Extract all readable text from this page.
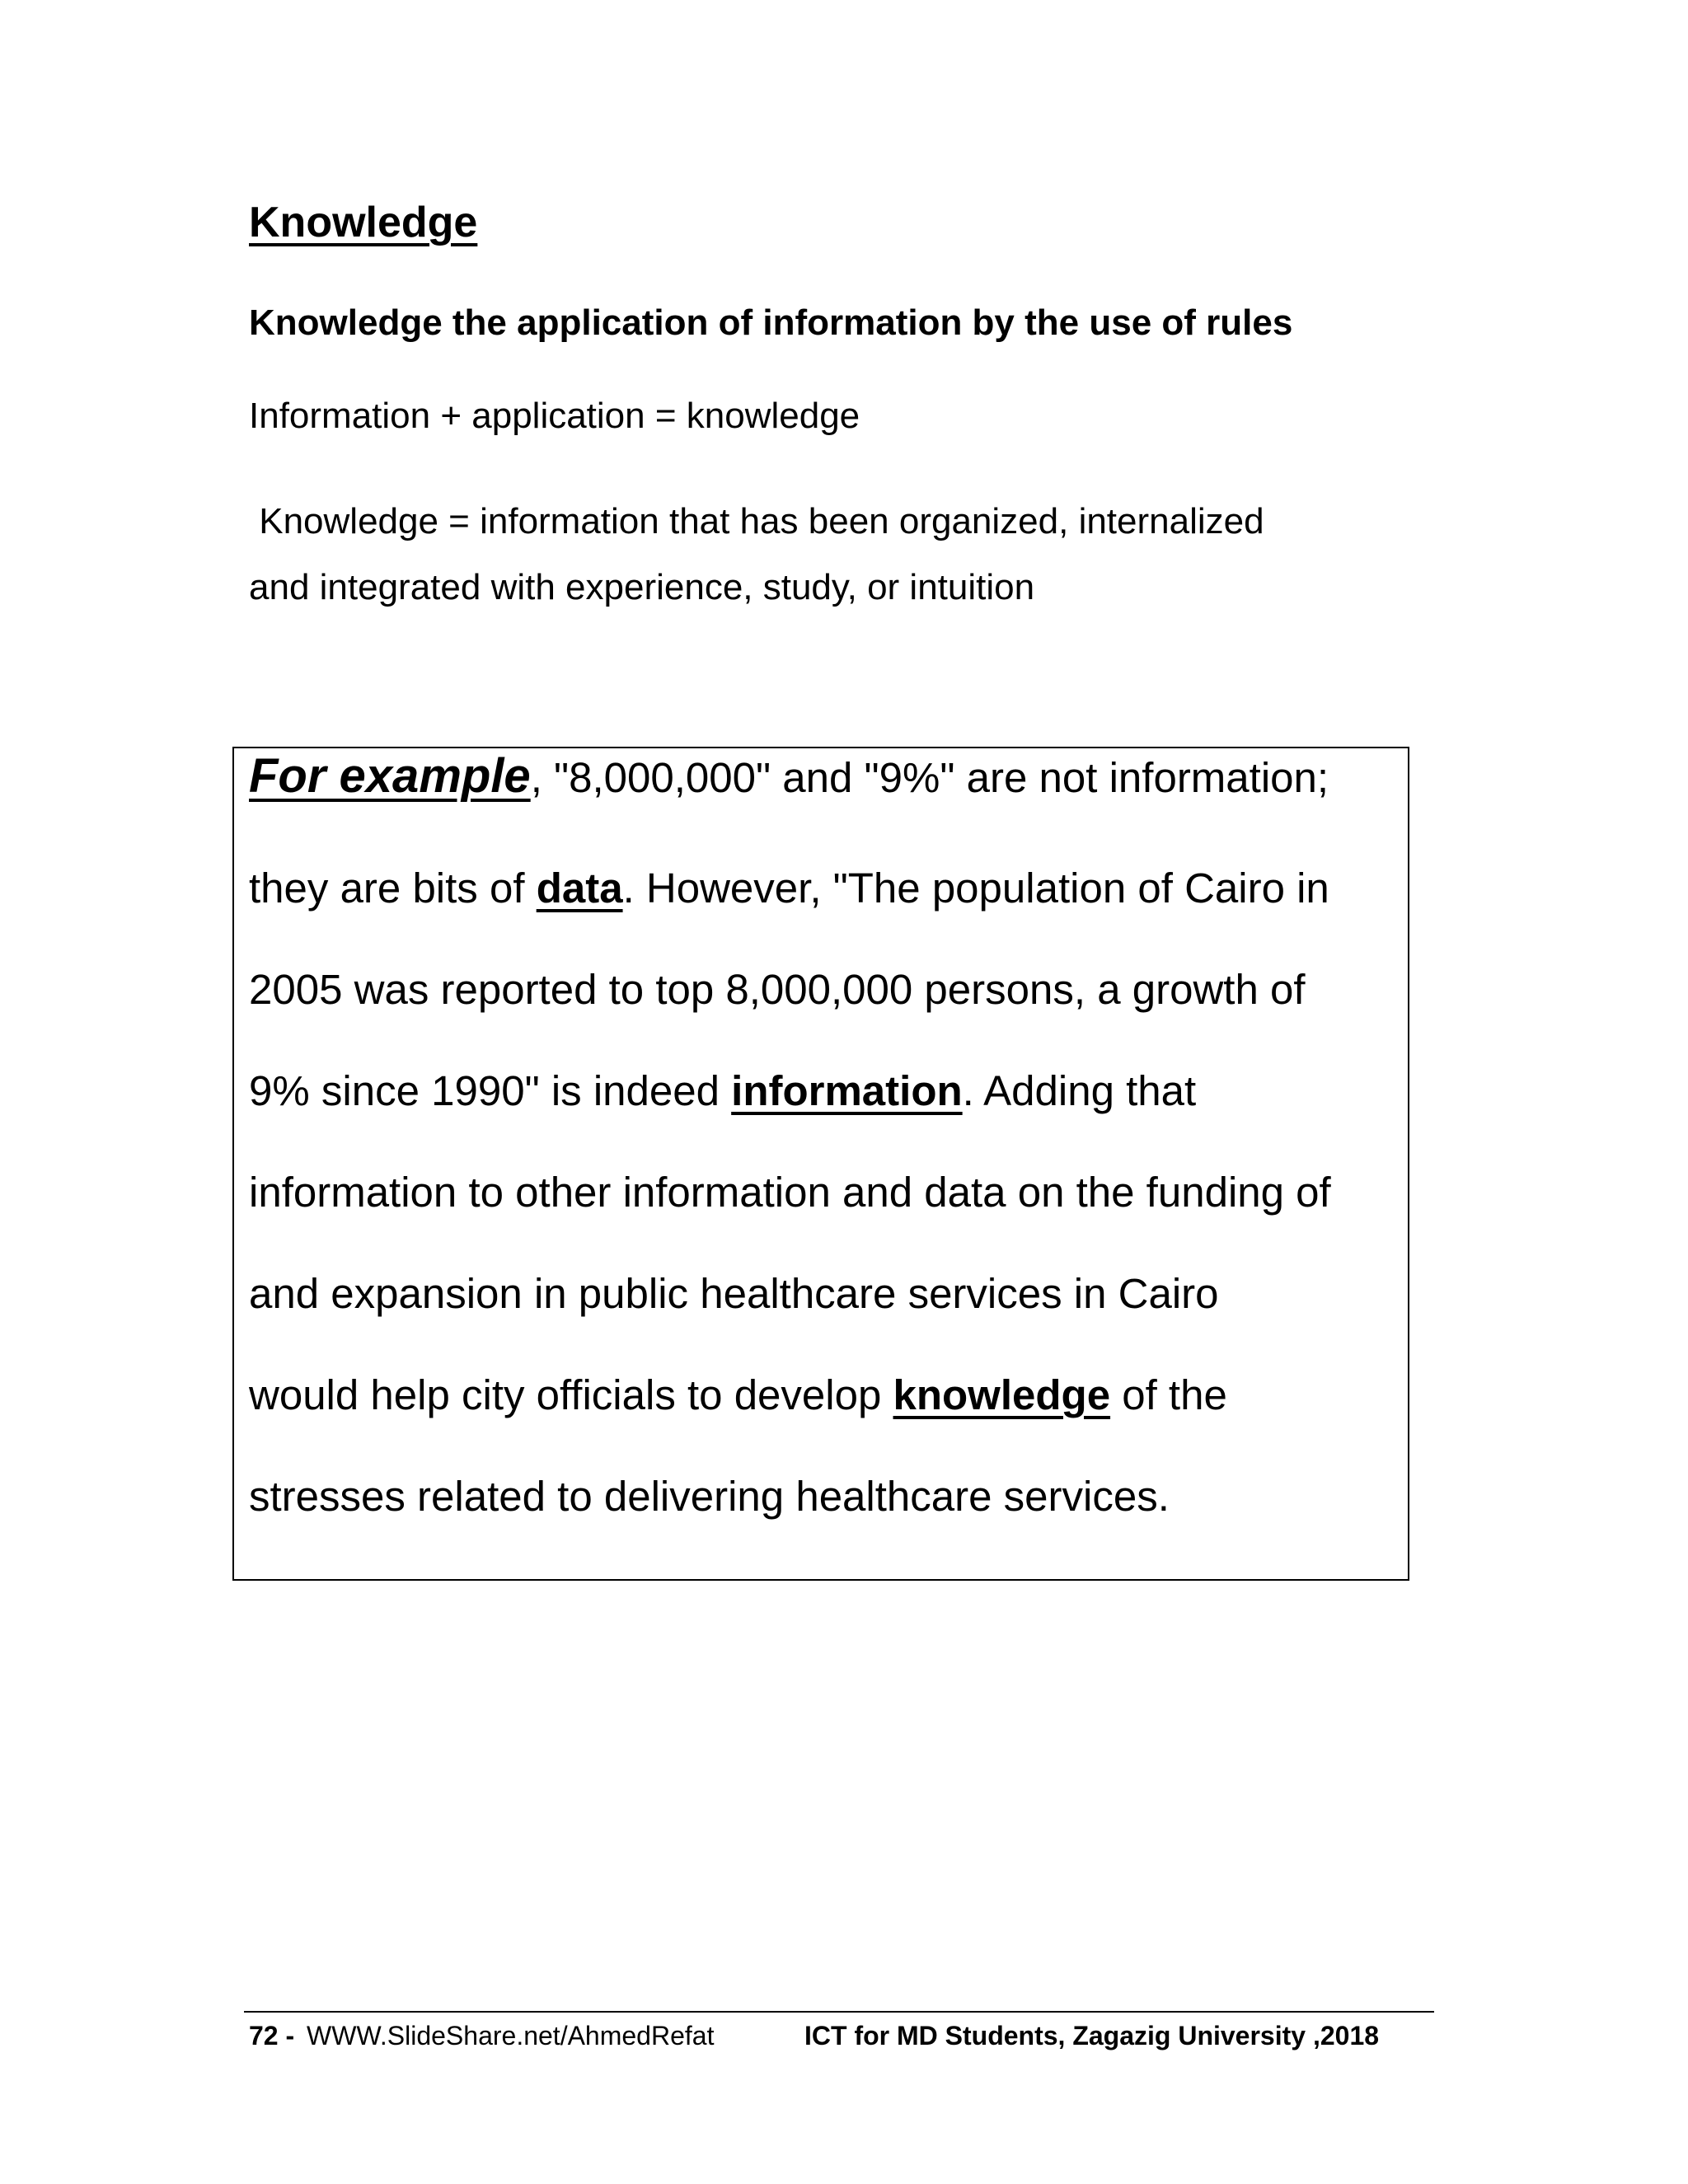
Knowledge
Knowledge the application of information by the use of rules
Information + application = knowledge
Knowledge = information that has been organized, internalized
and integrated with experience, study, or intuition
For example, "8,000,000" and "9%" are not information;
they are bits of data. However, "The population of Cairo in
2005 was reported to top 8,000,000 persons, a growth of
9% since 1990" is indeed information. Adding that
information to other information and data on the funding of
and expansion in public healthcare services in Cairo
would help city officials to develop knowledge of the
stresses related to delivering healthcare services.
72 - WWW.SlideShare.net/AhmedRefat	ICT for MD Students, Zagazig University ,2018
